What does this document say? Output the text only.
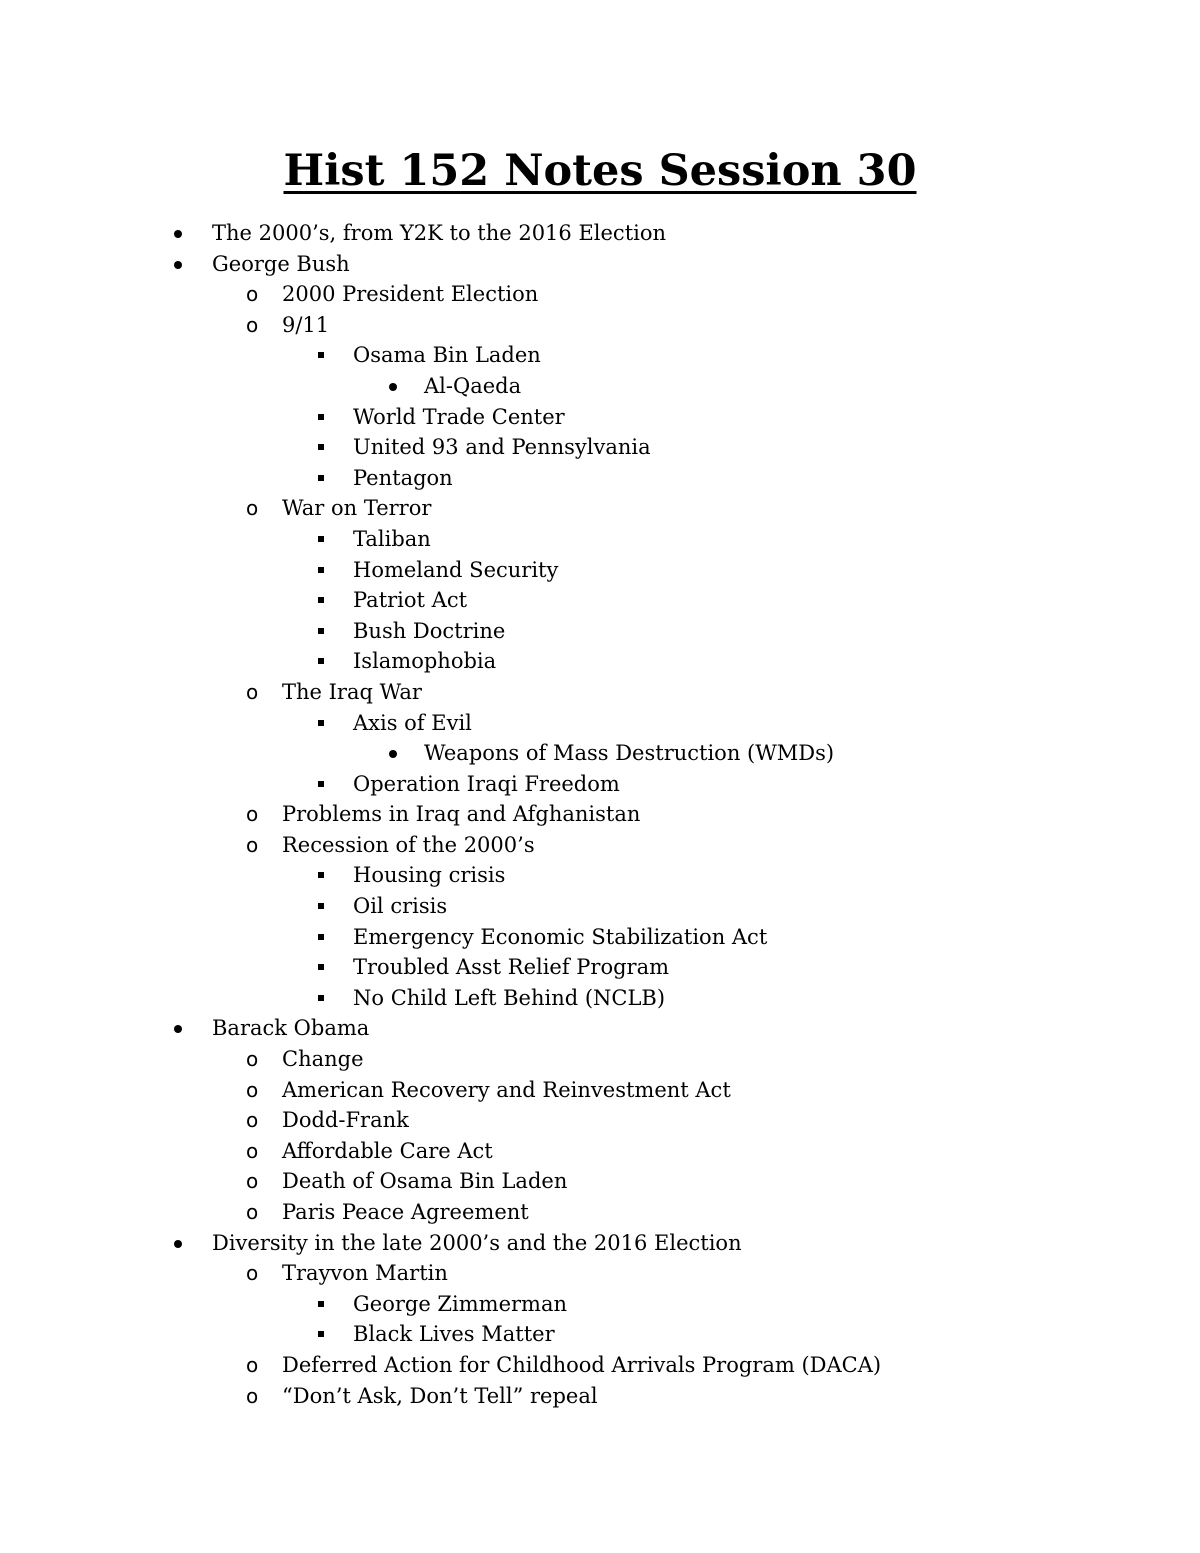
Hist 152 Notes Session 30
The 2000’s, from Y2K to the 2016 Election
George Bush
o 2000 President Election
o 9/11
Osama Bin Laden
Al-Qaeda
World Trade Center
United 93 and Pennsylvania
Pentagon
o War on Terror
Taliban
Homeland Security
Patriot Act
Bush Doctrine
Islamophobia
o The Iraq War
Axis of Evil
Weapons of Mass Destruction (WMDs)
Operation Iraqi Freedom
o Problems in Iraq and Afghanistan
o Recession of the 2000’s
Housing crisis
Oil crisis
Emergency Economic Stabilization Act
Troubled Asst Relief Program
No Child Left Behind (NCLB)
Barack Obama
o Change
o American Recovery and Reinvestment Act
o Dodd-Frank
o Affordable Care Act
o Death of Osama Bin Laden
o Paris Peace Agreement
Diversity in the late 2000’s and the 2016 Election
o Trayvon Martin
George Zimmerman
Black Lives Matter
o Deferred Action for Childhood Arrivals Program (DACA)
o “Don’t Ask, Don’t Tell” repeal
